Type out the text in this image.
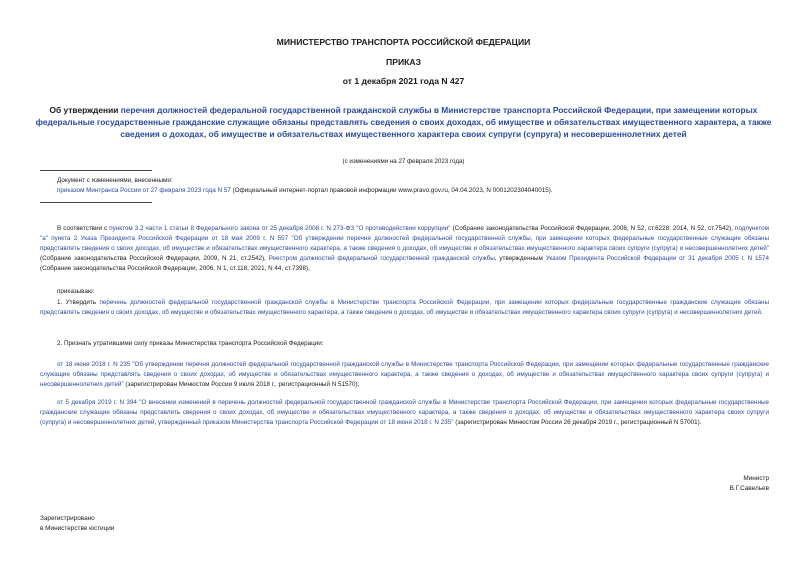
МИНИСТЕРСТВО ТРАНСПОРТА РОССИЙСКОЙ ФЕДЕРАЦИИ
ПРИКАЗ
от 1 декабря 2021 года N 427
Об утверждении перечня должностей федеральной государственной гражданской службы в Министерстве транспорта Российской Федерации, при замещении которых федеральные государственные гражданские служащие обязаны представлять сведения о своих доходах, об имуществе и обязательствах имущественного характера, а также сведения о доходах, об имуществе и обязательствах имущественного характера своих супруги (супруга) и несовершеннолетних детей
(с изменениями на 27 февраля 2023 года)
Документ с изменениями, внесенными:
приказом Минтранса России от 27 февраля 2023 года N 57 (Официальный интернет-портал правовой информации www.pravo.gov.ru, 04.04.2023, N 0001202304040015).
В соответствии с пунктом 3.2 части 1 статьи 8 Федерального закона от 25 декабря 2008 г. N 273-ФЗ "О противодействии коррупции" (Собрание законодательства Российской Федерации, 2008, N 52, ст.6228; 2014, N 52, ст.7542), подпунктом "а" пункта 2 Указа Президента Российской Федерации от 18 мая 2009 г. N 557 "Об утверждении перечня должностей федеральной государственной службы, при замещении которых федеральные государственные служащие обязаны представлять сведения о своих доходах, об имуществе и обязательствах имущественного характера, а также сведения о доходах, об имуществе и обязательствах имущественного характера своих супруги (супруга) и несовершеннолетних детей" (Собрание законодательства Российской Федерации, 2009, N 21, ст.2542), Реестром должностей федеральной государственной гражданской службы, утвержденным Указом Президента Российской Федерации от 31 декабря 2005 г. N 1574 (Собрание законодательства Российской Федерации, 2006, N 1, ст.118; 2021, N 44, ст.7398),
приказываю:
1. Утвердить перечень должностей федеральной государственной гражданской службы в Министерстве транспорта Российской Федерации, при замещении которых федеральные государственные гражданские служащие обязаны представлять сведения о своих доходах, об имуществе и обязательствах имущественного характера, а также сведения о доходах, об имуществе и обязательствах имущественного характера своих супруги (супруга) и несовершеннолетних детей.
2. Признать утратившими силу приказы Министерства транспорта Российской Федерации:
от 18 июня 2018 г. N 235 "Об утверждении перечня должностей федеральной государственной гражданской службы в Министерстве транспорта Российской Федерации, при замещении которых федеральные государственные гражданские служащие обязаны представлять сведения о своих доходах, об имуществе и обязательствах имущественного характера, а также сведения о доходах, об имуществе и обязательствах имущественного характера своих супруги (супруга) и несовершеннолетних детей" (зарегистрирован Минюстом России 9 июля 2018 г., регистрационный N 51570);
от 5 декабря 2019 г. N 394 "О внесении изменений в перечень должностей федеральной государственной гражданской службы в Министерстве транспорта Российской Федерации, при замещении которых федеральные государственные гражданские служащие обязаны представлять сведения о своих доходах, об имуществе и обязательствах имущественного характера, а также сведения о доходах, об имуществе и обязательствах имущественного характера своих супруги (супруга) и несовершеннолетних детей, утвержденный приказом Министерства транспорта Российской Федерации от 18 июня 2018 г. N 235" (зарегистрирован Минюстом России 26 декабря 2019 г., регистрационный N 57001).
Министр
В.Г.Савельев
Зарегистрировано
в Министерстве юстиции
